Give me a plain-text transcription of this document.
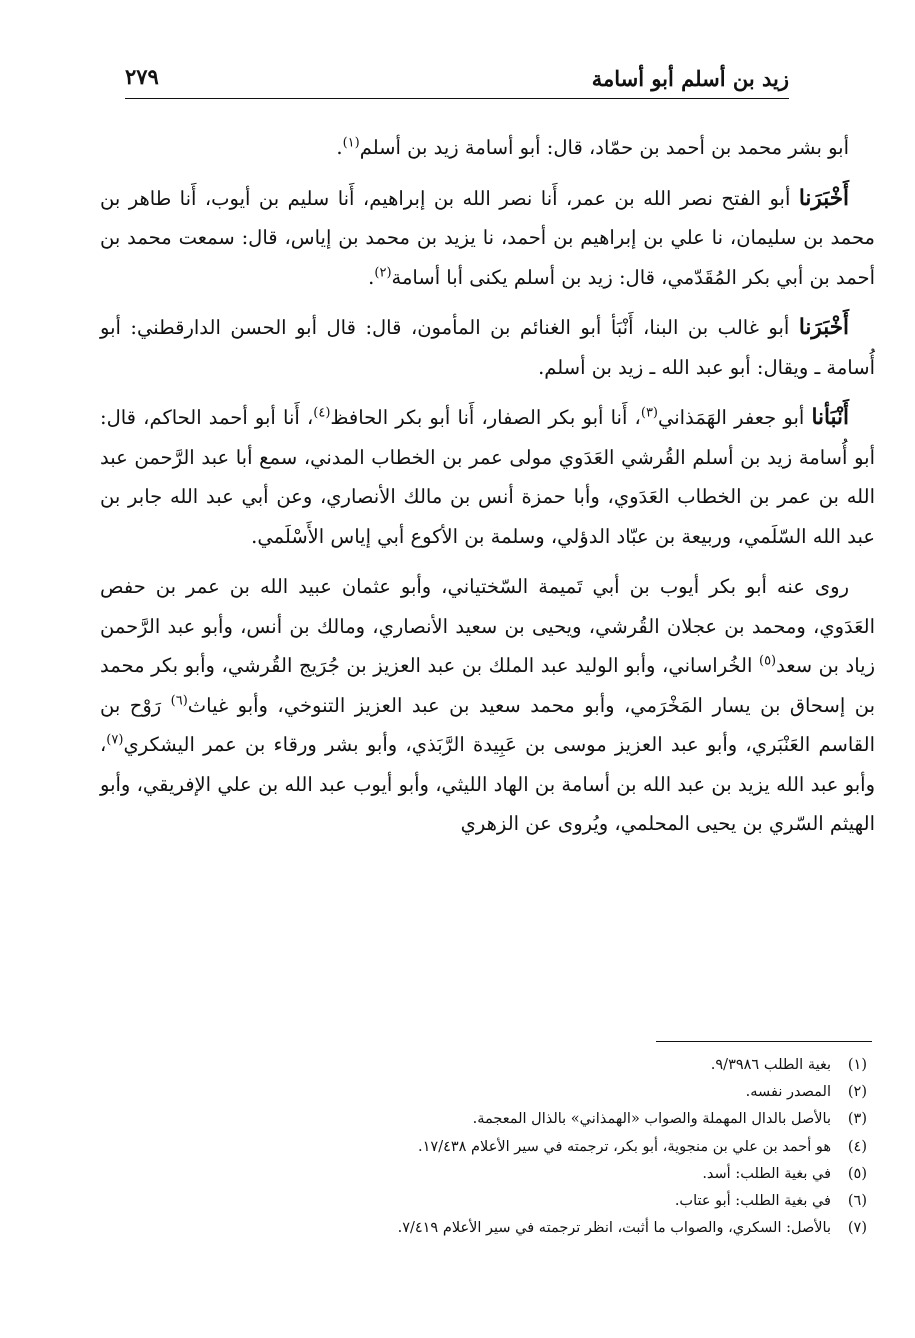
زيد بن أسلم أبو أسامة
٢٧٩

أبو بشر محمد بن أحمد بن حمّاد، قال: أبو أسامة زيد بن أسلم$^{(١)}$.

أَخْبَرَنا أبو الفتح نصر الله بن عمر، أَنا نصر الله بن إبراهيم، أَنا سليم بن أيوب، أَنا طاهر بن محمد بن سليمان، نا علي بن إبراهيم بن أحمد، نا يزيد بن محمد بن إياس، قال: سمعت محمد بن أحمد بن أبي بكر المُقَدّمي، قال: زيد بن أسلم يكنى أبا أسامة$^{(٢)}$.

أَخْبَرَنا أبو غالب بن البنا، أَنْبَأ أبو الغنائم بن المأمون، قال: قال أبو الحسن الدارقطني: أبو أُسامة ـ ويقال: أبو عبد الله ـ زيد بن أسلم.

أَنْبَأنا أبو جعفر الهَمَذاني$^{(٣)}$، أَنا أبو بكر الصفار، أَنا أبو بكر الحافظ$^{(٤)}$، أَنا أبو أحمد الحاكم، قال: أبو أُسامة زيد بن أسلم القُرشي العَدَوي مولى عمر بن الخطاب المدني، سمع أبا عبد الرَّحمن عبد الله بن عمر بن الخطاب العَدَوي، وأبا حمزة أنس بن مالك الأنصاري، وعن أبي عبد الله جابر بن عبد الله السّلَمي، وربيعة بن عبّاد الدؤلي، وسلمة بن الأكوع أبي إياس الأَسْلَمي.

روى عنه أبو بكر أيوب بن أبي تَميمة السّختياني، وأبو عثمان عبيد الله بن عمر بن حفص العَدَوي، ومحمد بن عجلان القُرشي، ويحيى بن سعيد الأنصاري، ومالك بن أنس، وأبو عبد الرَّحمن زياد بن سعد$^{(٥)}$ الخُراساني، وأبو الوليد عبد الملك بن عبد العزيز بن جُرَيج القُرشي، وأبو بكر محمد بن إسحاق بن يسار المَخْرَمي، وأبو محمد سعيد بن عبد العزيز التنوخي، وأبو غياث$^{(٦)}$ رَوْح بن القاسم العَنْبَري، وأبو عبد العزيز موسى بن عَبِيدة الرَّبَذي، وأبو بشر ورقاء بن عمر اليشكري$^{(٧)}$، وأبو عبد الله يزيد بن عبد الله بن أسامة بن الهاد الليثي، وأبو أيوب عبد الله بن علي الإفريقي، وأبو الهيثم السّري بن يحيى المحلمي، ويُروى عن الزهري

(١)
بغية الطلب ٩/٣٩٨٦.
(٢)
المصدر نفسه.
(٣)
بالأصل بالدال المهملة والصواب «الهمذاني» بالذال المعجمة.
(٤)
هو أحمد بن علي بن منجوية، أبو بكر، ترجمته في سير الأعلام ١٧/٤٣٨.
(٥)
في بغية الطلب: أسد.
(٦)
في بغية الطلب: أبو عتاب.
(٧)
بالأصل: السكري، والصواب ما أثبت، انظر ترجمته في سير الأعلام ٧/٤١٩.
